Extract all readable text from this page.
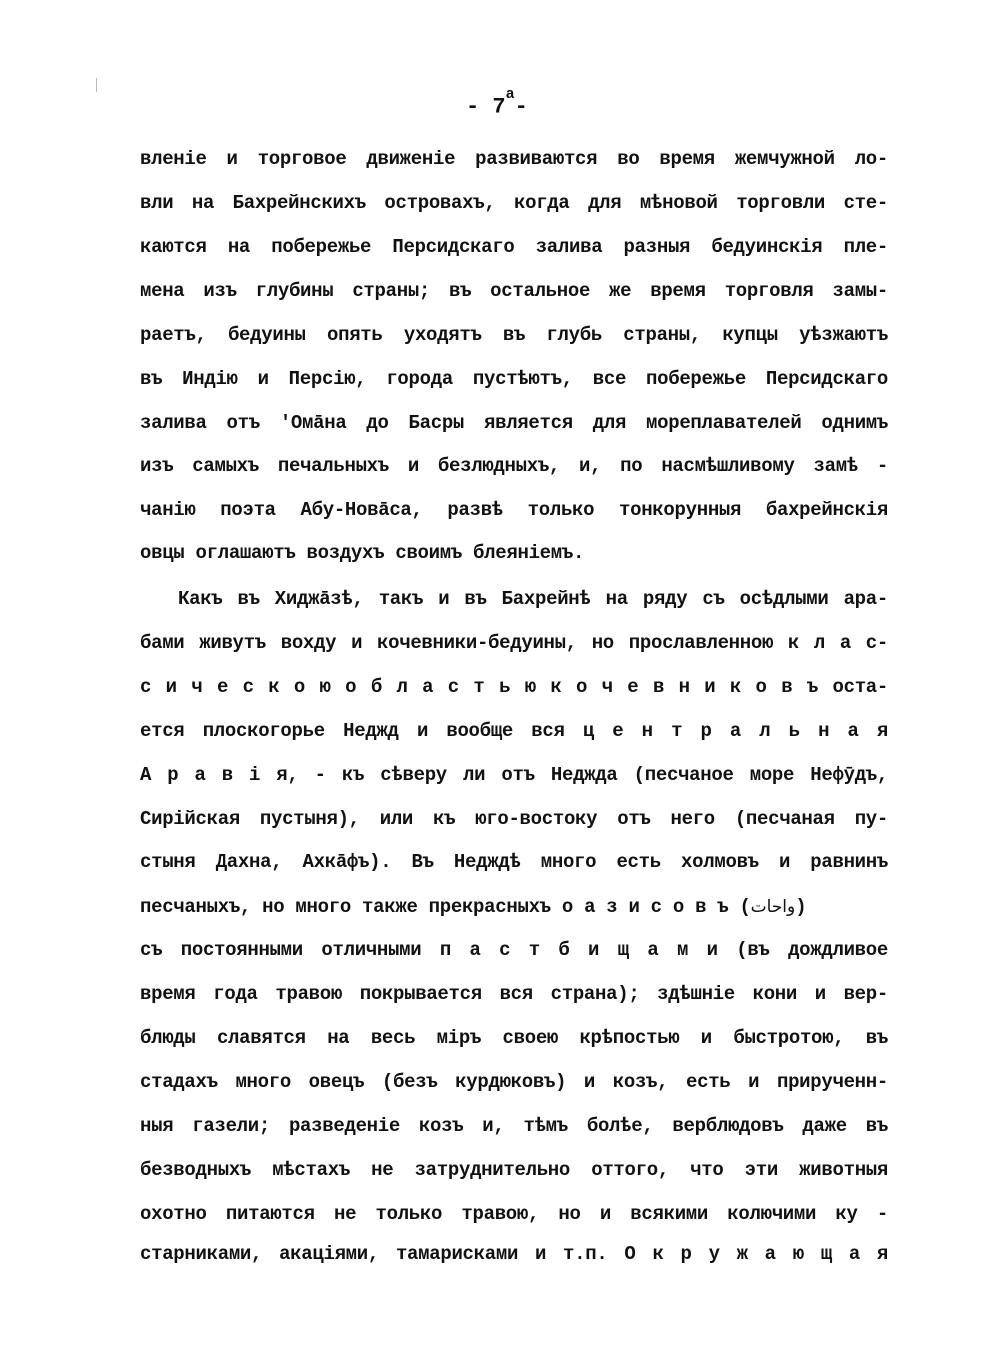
- 7$^a$-
вленіе и торговое движеніе развиваются во время жемчужной ло-
вли на Бахрейнскихъ островахъ, когда для мѣновой торговли сте-
каются на побережье Персидскаго залива разныя бедуинскія пле-
мена изъ глубины страны; въ остальное же время торговля замы-
раетъ, бедуины опять уходятъ въ глубь страны, купцы уѣзжаютъ
въ Индію и Персію, города пустѣютъ, все побережье Персидскаго
залива отъ 'Омāна до Басры является для мореплавателей однимъ
изъ самыхъ печальныхъ и безлюдныхъ, и, по насмѣшливому замѣ -
чанію поэта Абу-Новāса, развѣ только тонкорунныя бахрейнскія
овцы оглашаютъ воздухъ своимъ блеяніемъ.
Какъ въ Хиджāзѣ, такъ и въ Бахрейнѣ на ряду съ осѣдлыми ара-
бами живутъ вохду и кочевники-бедуины, но прославленною к л а с-
с и ч е с к о ю о б л а с т ь ю к о ч е в н и к о в ъ оста-
ется плоскогорье Неджд и вообще вся ц е н т р а л ь н а я
А р а в і я, - къ сѣверу ли отъ Неджда (песчаное море Нефӯдъ,
Сирійская пустыня), или къ юго-востоку отъ него (песчаная пу-
стыня Дахна, Ахкāфъ). Въ Недждѣ много есть холмовъ и равнинъ
песчаныхъ, но много также прекрасныхъ о а з и с о в ъ (واحات)
съ постоянными отличными п а с т б и щ а м и (въ дождливое
время года травою покрывается вся страна); здѣшніе кони и вер-
блюды славятся на весь міръ своею крѣпостью и быстротою, въ
стадахъ много овецъ (безъ курдюковъ) и козъ, есть и прирученн-
ныя газели; разведеніе козъ и, тѣмъ болѣе, верблюдовъ даже въ
безводныхъ мѣстахъ не затруднительно оттого, что эти животныя
охотно питаются не только травою, но и всякими колючими ку -
старниками, акаціями, тамарисками и т.п. О к р у ж а ю щ а я
